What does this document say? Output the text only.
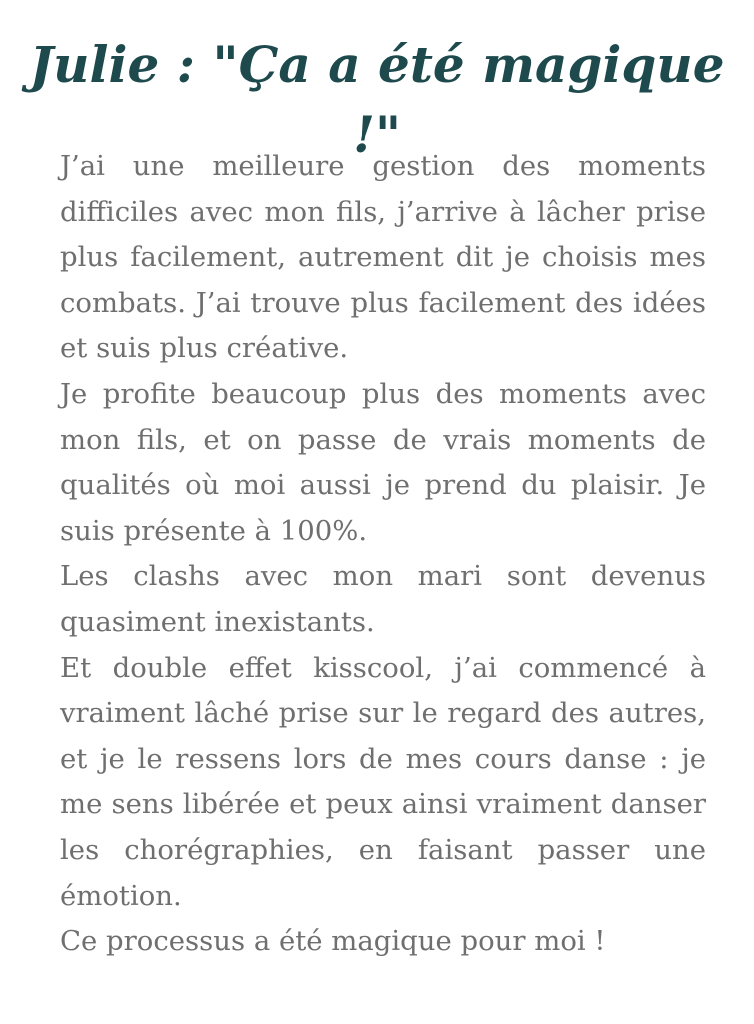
Julie : "Ça a été magique !"

J’ai une meilleure gestion des moments difficiles avec mon fils, j’arrive à lâcher prise plus facilement, autrement dit je choisis mes combats. J’ai trouve plus facilement des idées et suis plus créative.

Je profite beaucoup plus des moments avec mon fils, et on passe de vrais moments de qualités où moi aussi je prend du plaisir. Je suis présente à 100%.

Les clashs avec mon mari sont devenus quasiment inexistants.

Et double effet kisscool, j’ai commencé à vraiment lâché prise sur le regard des autres, et je le ressens lors de mes cours danse : je me sens libérée et peux ainsi vraiment danser les chorégraphies, en faisant passer une émotion.

Ce processus a été magique pour moi !
